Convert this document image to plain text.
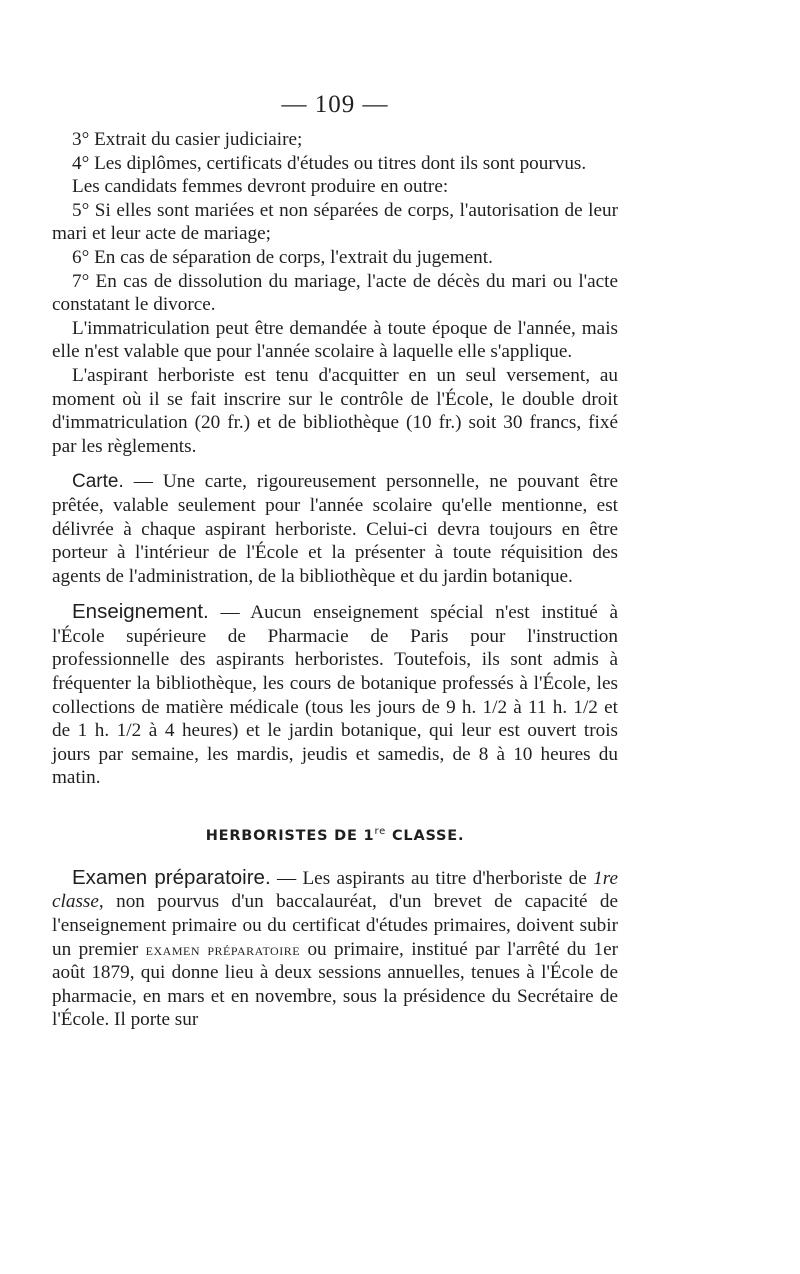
— 109 —

3° Extrait du casier judiciaire;

4° Les diplômes, certificats d'études ou titres dont ils sont pourvus.

Les candidats femmes devront produire en outre:

5° Si elles sont mariées et non séparées de corps, l'autorisation de leur mari et leur acte de mariage;

6° En cas de séparation de corps, l'extrait du jugement.

7° En cas de dissolution du mariage, l'acte de décès du mari ou l'acte constatant le divorce.

L'immatriculation peut être demandée à toute époque de l'année, mais elle n'est valable que pour l'année scolaire à laquelle elle s'applique.

L'aspirant herboriste est tenu d'acquitter en un seul versement, au moment où il se fait inscrire sur le contrôle de l'École, le double droit d'immatriculation (20 fr.) et de bibliothèque (10 fr.) soit 30 francs, fixé par les règlements.

Carte. — Une carte, rigoureusement personnelle, ne pouvant être prêtée, valable seulement pour l'année scolaire qu'elle mentionne, est délivrée à chaque aspirant herboriste. Celui-ci devra toujours en être porteur à l'intérieur de l'École et la présenter à toute réquisition des agents de l'administration, de la bibliothèque et du jardin botanique.

Enseignement. — Aucun enseignement spécial n'est institué à l'École supérieure de Pharmacie de Paris pour l'instruction professionnelle des aspirants herboristes. Toutefois, ils sont admis à fréquenter la bibliothèque, les cours de botanique professés à l'École, les collections de matière médicale (tous les jours de 9 h. 1/2 à 11 h. 1/2 et de 1 h. 1/2 à 4 heures) et le jardin botanique, qui leur est ouvert trois jours par semaine, les mardis, jeudis et samedis, de 8 à 10 heures du matin.

HERBORISTES DE 1re CLASSE.

Examen préparatoire. — Les aspirants au titre d'herboriste de 1re classe, non pourvus d'un baccalauréat, d'un brevet de capacité de l'enseignement primaire ou du certificat d'études primaires, doivent subir un premier examen préparatoire ou primaire, institué par l'arrêté du 1er août 1879, qui donne lieu à deux sessions annuelles, tenues à l'École de pharmacie, en mars et en novembre, sous la présidence du Secrétaire de l'École. Il porte sur
